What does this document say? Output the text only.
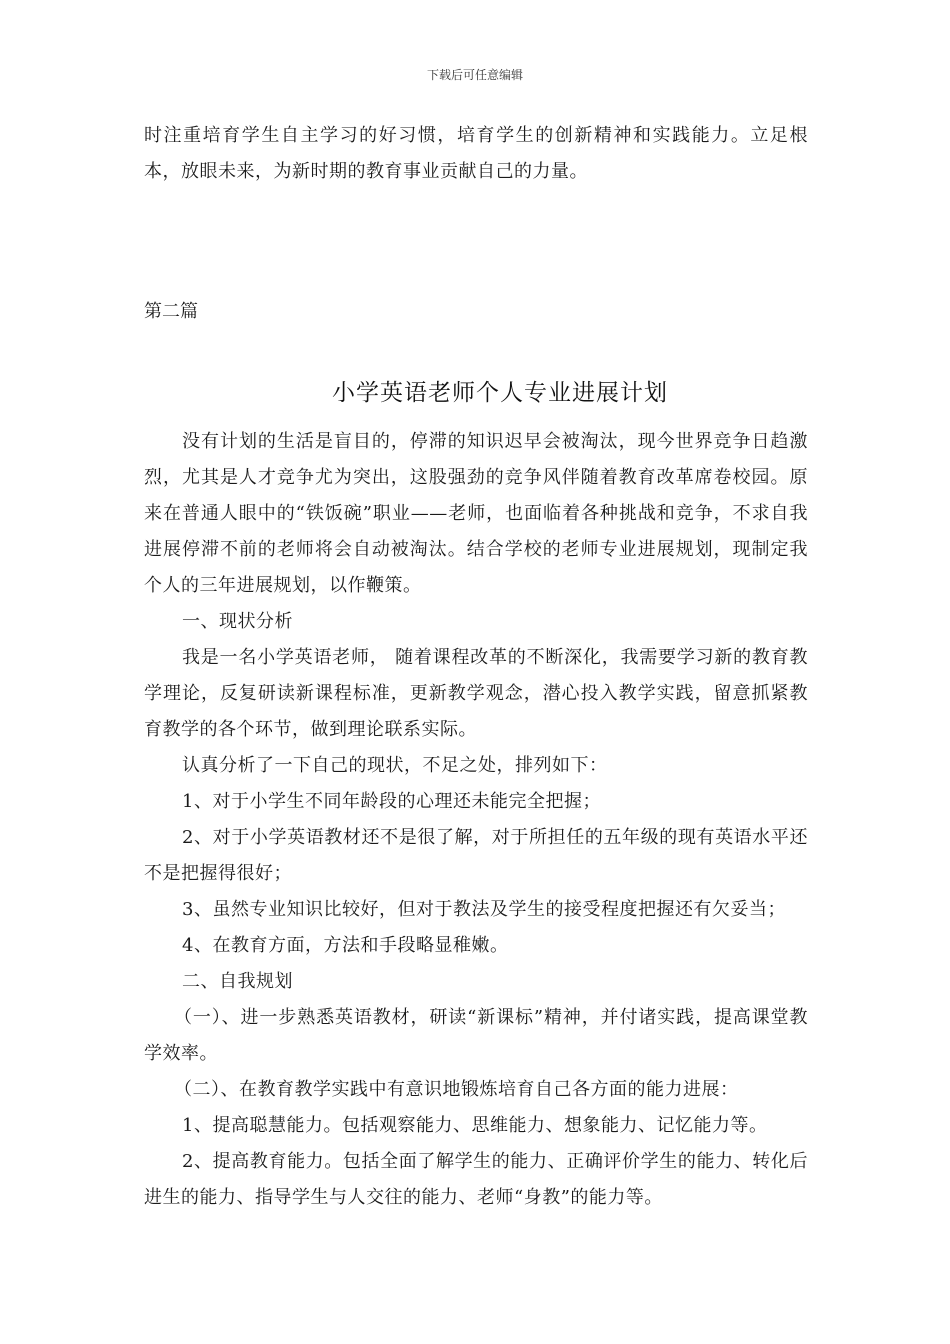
下载后可任意编辑

时注重培育学生自主学习的好习惯，培育学生的创新精神和实践能力。立足根本，放眼未来，为新时期的教育事业贡献自己的力量。

第二篇

小学英语老师个人专业进展计划

没有计划的生活是盲目的，停滞的知识迟早会被淘汰，现今世界竞争日趋激烈，尤其是人才竞争尤为突出，这股强劲的竞争风伴随着教育改革席卷校园。原来在普通人眼中的“铁饭碗”职业——老师，也面临着各种挑战和竞争，不求自我进展停滞不前的老师将会自动被淘汰。结合学校的老师专业进展规划，现制定我个人的三年进展规划，以作鞭策。

一、现状分析

我是一名小学英语老师， 随着课程改革的不断深化，我需要学习新的教育教学理论，反复研读新课程标准，更新教学观念，潜心投入教学实践，留意抓紧教育教学的各个环节，做到理论联系实际。

认真分析了一下自己的现状，不足之处，排列如下：

1、对于小学生不同年龄段的心理还未能完全把握；

2、对于小学英语教材还不是很了解，对于所担任的五年级的现有英语水平还不是把握得很好；

3、虽然专业知识比较好，但对于教法及学生的接受程度把握还有欠妥当；

4、在教育方面，方法和手段略显稚嫩。

二、自我规划

（一）、进一步熟悉英语教材，研读“新课标”精神，并付诸实践，提高课堂教学效率。

（二）、在教育教学实践中有意识地锻炼培育自己各方面的能力进展：

1、提高聪慧能力。包括观察能力、思维能力、想象能力、记忆能力等。

2、提高教育能力。包括全面了解学生的能力、正确评价学生的能力、转化后进生的能力、指导学生与人交往的能力、老师“身教”的能力等。
